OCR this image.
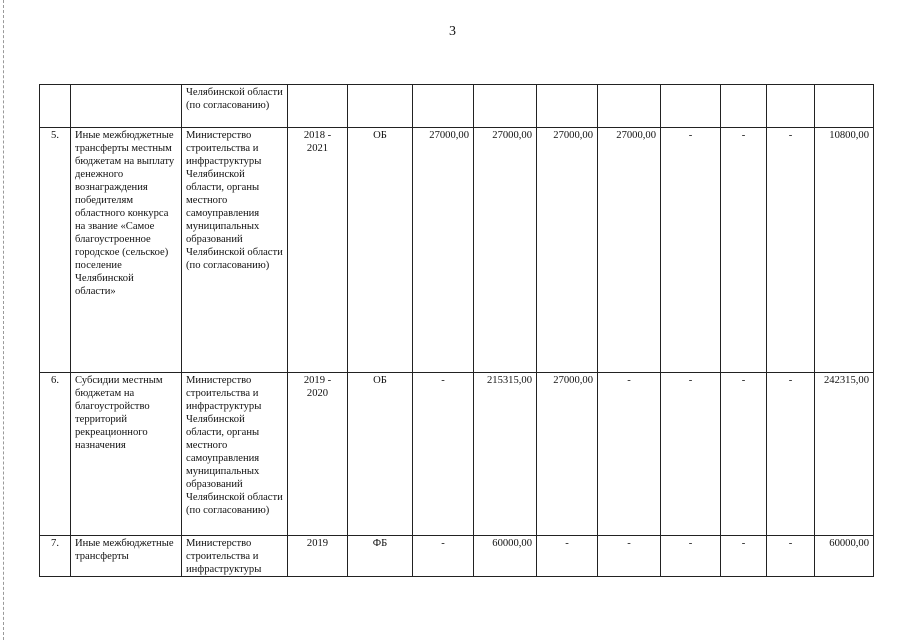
3
		Челябинской области (по согласованию)										
5.	Иные межбюджетные трансферты местным бюджетам на выплату денежного вознаграждения победителям областного конкурса на звание «Самое благоустроенное городское (сельское) поселение Челябинской области»	Министерство строительства и инфраструктуры Челябинской области, органы местного самоуправления муниципальных образований Челябинской области (по согласованию)	2018 - 2021	ОБ	27000,00	27000,00	27000,00	27000,00	-	-	-	10800,00
6.	Субсидии местным бюджетам на благоустройство территорий рекреационного назначения	Министерство строительства и инфраструктуры Челябинской области, органы местного самоуправления муниципальных образований Челябинской области (по согласованию)	2019 - 2020	ОБ	-	215315,00	27000,00	-	-	-	-	242315,00
7.	Иные межбюджетные трансферты	Министерство строительства и инфраструктуры	2019	ФБ	-	60000,00	-	-	-	-	-	60000,00
